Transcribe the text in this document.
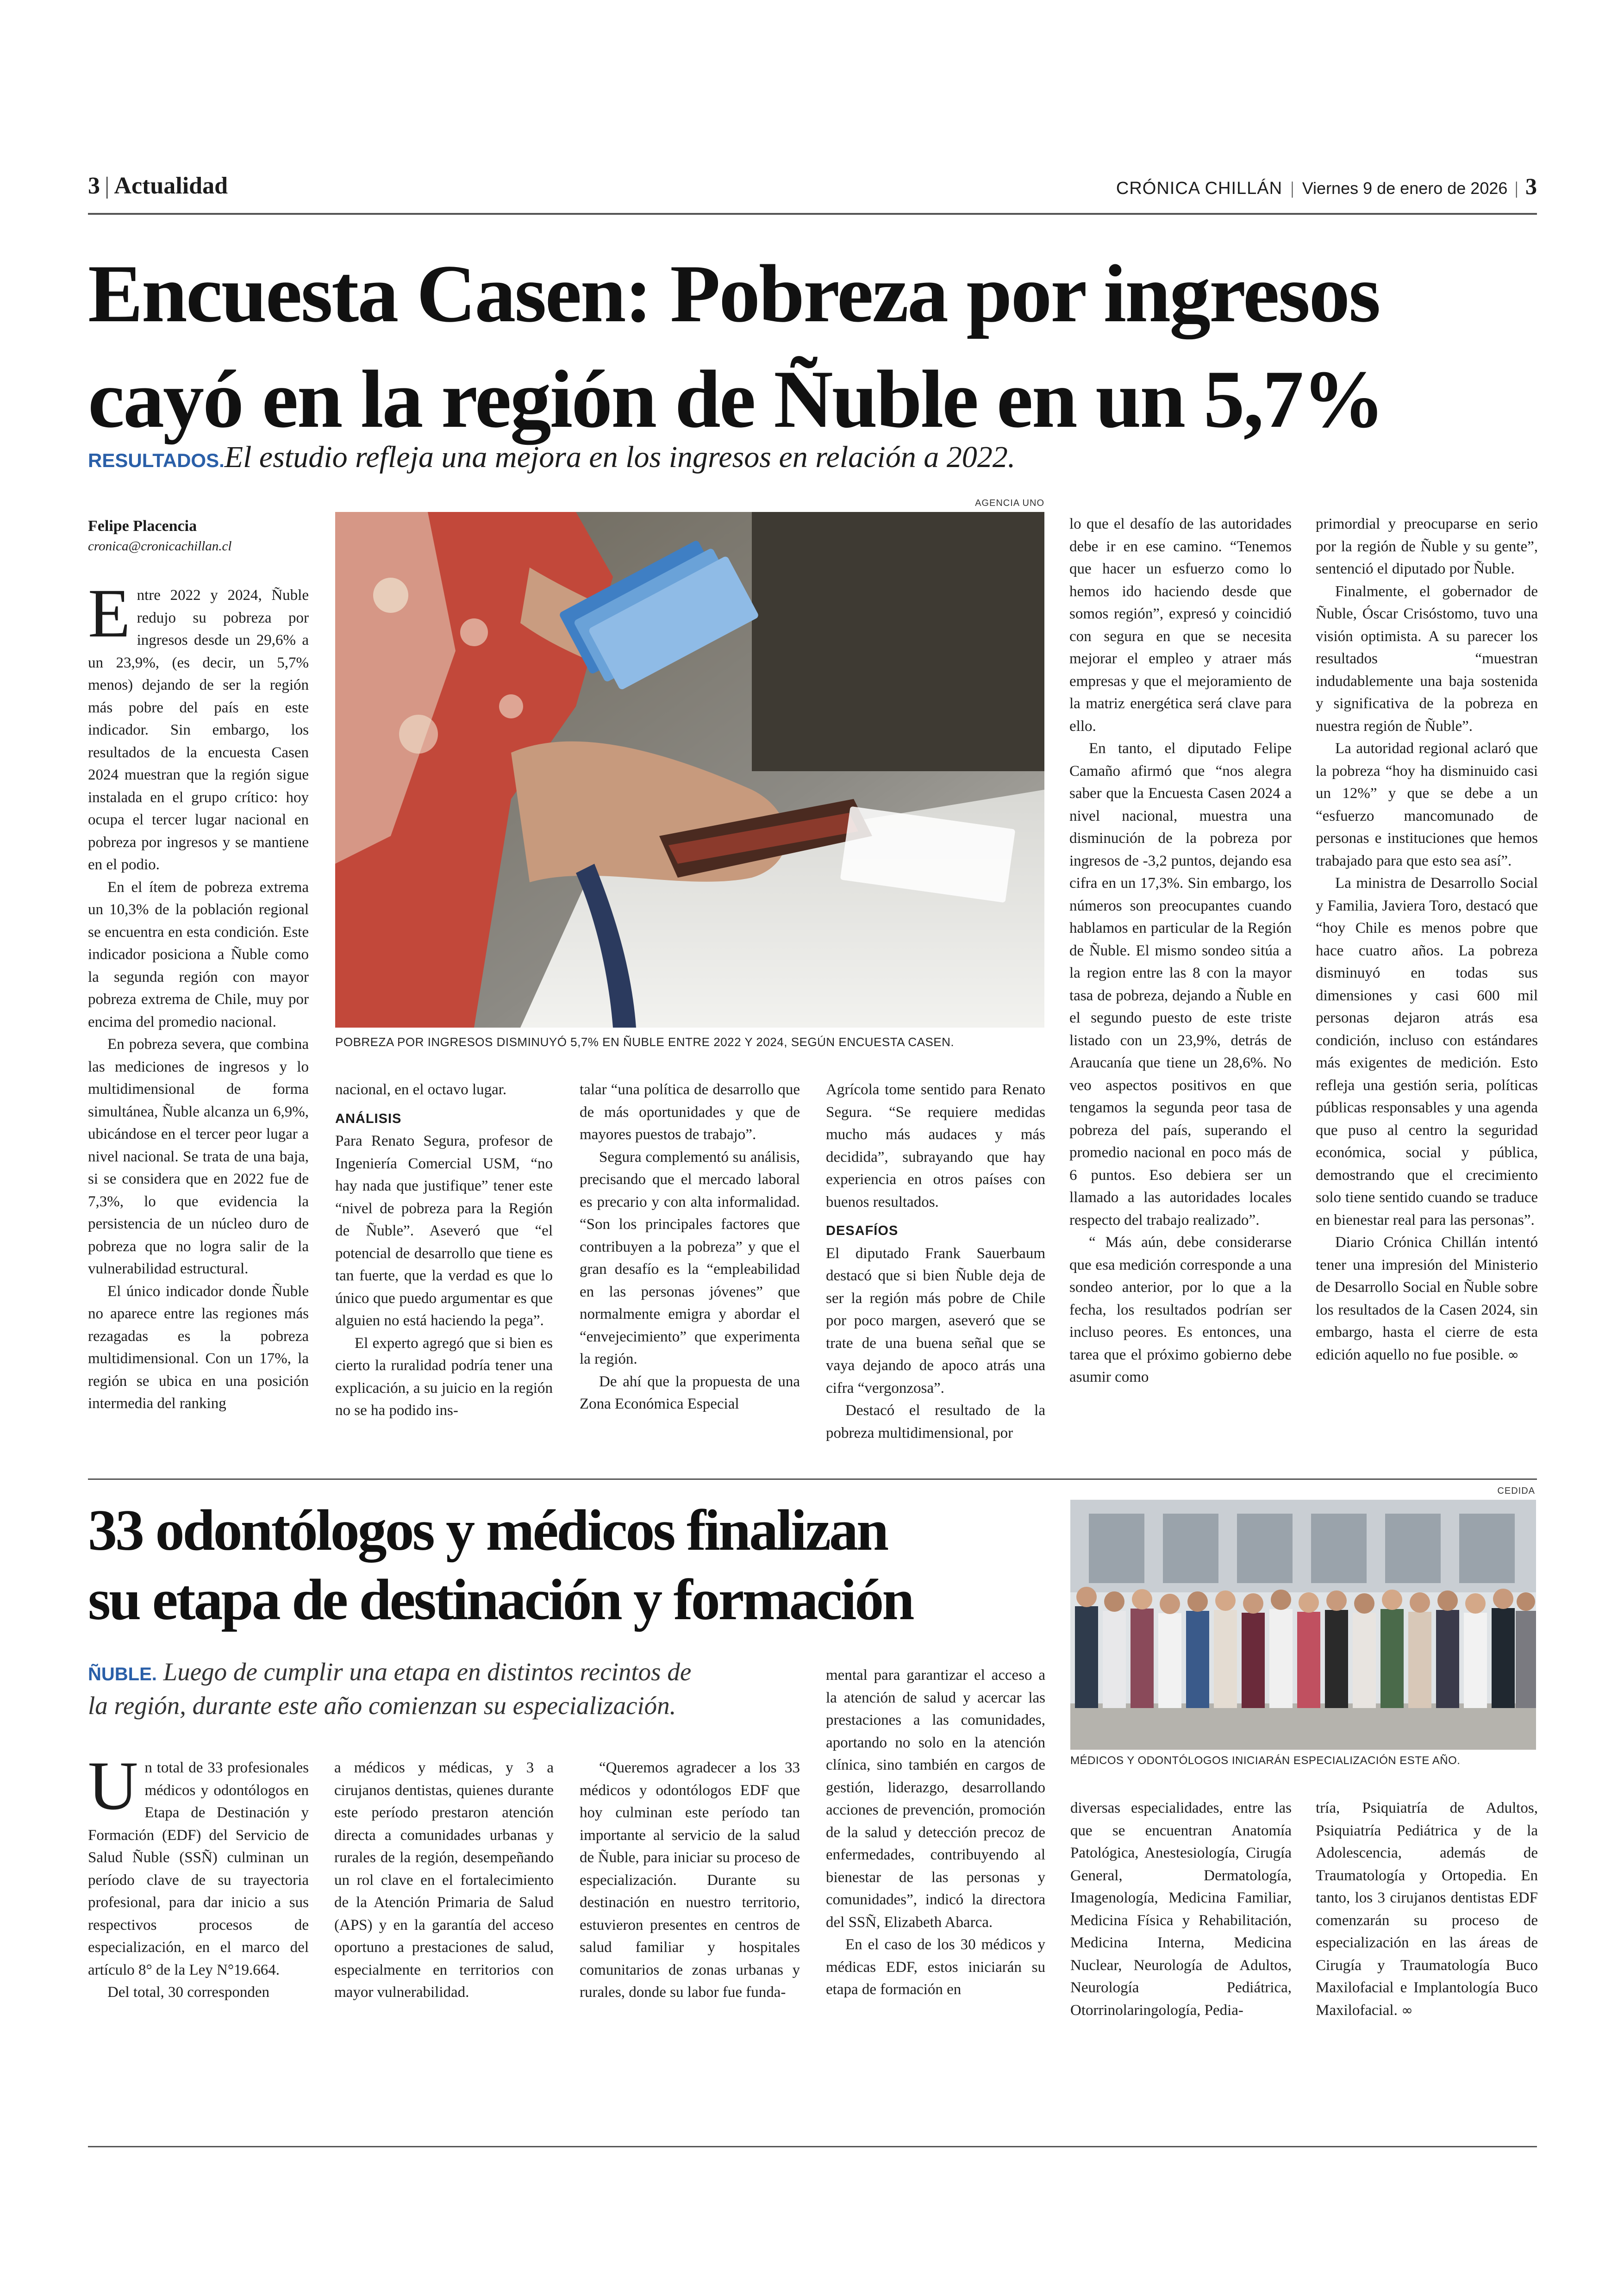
3 | Actualidad	CRÓNICA CHILLÁN | Viernes 9 de enero de 2026 | 3
Encuesta Casen: Pobreza por ingresos
cayó en la región de Ñuble en un 5,7%
RESULTADOS.El estudio refleja una mejora en los ingresos en relación a 2022.
Felipe Placencia
cronica@cronicachillan.cl
AGENCIA UNO
POBREZA POR INGRESOS DISMINUYÓ 5,7% EN ÑUBLE ENTRE 2022 Y 2024, SEGÚN ENCUESTA CASEN.

Entre 2022 y 2024, Ñuble redujo su pobreza por ingresos desde un 29,6% a un 23,9%, (es decir, un 5,7% menos) dejando de ser la región más pobre del país en este indicador. Sin embargo, los resultados de la encuesta Casen 2024 muestran que la región sigue instalada en el grupo crítico: hoy ocupa el tercer lugar nacional en pobreza por ingresos y se mantiene en el podio.

En el ítem de pobreza extrema un 10,3% de la población regional se encuentra en esta condición. Este indicador posiciona a Ñuble como la segunda región con mayor pobreza extrema de Chile, muy por encima del promedio nacional.

En pobreza severa, que combina las mediciones de ingresos y lo multidimensional de forma simultánea, Ñuble alcanza un 6,9%, ubicándose en el tercer peor lugar a nivel nacional. Se trata de una baja, si se considera que en 2022 fue de 7,3%, lo que evidencia la persistencia de un núcleo duro de pobreza que no logra salir de la vulnerabilidad estructural.

El único indicador donde Ñuble no aparece entre las regiones más rezagadas es la pobreza multidimensional. Con un 17%, la región se ubica en una posición intermedia del ranking

nacional, en el octavo lugar.

ANÁLISIS

Para Renato Segura, profesor de Ingeniería Comercial USM, “no hay nada que justifique” tener este “nivel de pobreza para la Región de Ñuble”. Aseveró que “el potencial de desarrollo que tiene es tan fuerte, que la verdad es que lo único que puedo argumentar es que alguien no está haciendo la pega”.

El experto agregó que si bien es cierto la ruralidad podría tener una explicación, a su juicio en la región no se ha podido ins-

talar “una política de desarrollo que de más oportunidades y que de mayores puestos de trabajo”.

Segura complementó su análisis, precisando que el mercado laboral es precario y con alta informalidad. “Son los principales factores que contribuyen a la pobreza” y que el gran desafío es la “empleabilidad en las personas jóvenes” que normalmente emigra y abordar el “envejecimiento” que experimenta la región.

De ahí que la propuesta de una Zona Económica Especial

Agrícola tome sentido para Renato Segura. “Se requiere medidas mucho más audaces y más decidida”, subrayando que hay experiencia en otros países con buenos resultados.

DESAFÍOS

El diputado Frank Sauerbaum destacó que si bien Ñuble deja de ser la región más pobre de Chile por poco margen, aseveró que se trate de una buena señal que se vaya dejando de apoco atrás una cifra “vergonzosa”.

Destacó el resultado de la pobreza multidimensional, por

lo que el desafío de las autoridades debe ir en ese camino. “Tenemos que hacer un esfuerzo como lo hemos ido haciendo desde que somos región”, expresó y coincidió con segura en que se necesita mejorar el empleo y atraer más empresas y que el mejoramiento de la matriz energética será clave para ello.

En tanto, el diputado Felipe Camaño afirmó que “nos alegra saber que la Encuesta Casen 2024 a nivel nacional, muestra una disminución de la pobreza por ingresos de -3,2 puntos, dejando esa cifra en un 17,3%. Sin embargo, los números son preocupantes cuando hablamos en particular de la Región de Ñuble. El mismo sondeo sitúa a la region entre las 8 con la mayor tasa de pobreza, dejando a Ñuble en el segundo puesto de este triste listado con un 23,9%, detrás de Araucanía que tiene un 28,6%. No veo aspectos positivos en que tengamos la segunda peor tasa de pobreza del país, superando el promedio nacional en poco más de 6 puntos. Eso debiera ser un llamado a las autoridades locales respecto del trabajo realizado”.

“ Más aún, debe considerarse que esa medición corresponde a una sondeo anterior, por lo que a la fecha, los resultados podrían ser incluso peores. Es entonces, una tarea que el próximo gobierno debe asumir como

primordial y preocuparse en serio por la región de Ñuble y su gente”, sentenció el diputado por Ñuble.

Finalmente, el gobernador de Ñuble, Óscar Crisóstomo, tuvo una visión optimista. A su parecer los resultados “muestran indudablemente una baja sostenida y significativa de la pobreza en nuestra región de Ñuble”.

La autoridad regional aclaró que la pobreza “hoy ha disminuido casi un 12%” y que se debe a un “esfuerzo mancomunado de personas e instituciones que hemos trabajado para que esto sea así”.

La ministra de Desarrollo Social y Familia, Javiera Toro, destacó que “hoy Chile es menos pobre que hace cuatro años. La pobreza disminuyó en todas sus dimensiones y casi 600 mil personas dejaron atrás esa condición, incluso con estándares más exigentes de medición. Esto refleja una gestión seria, políticas públicas responsables y una agenda que puso al centro la seguridad económica, social y pública, demostrando que el crecimiento solo tiene sentido cuando se traduce en bienestar real para las personas”.

Diario Crónica Chillán intentó tener una impresión del Ministerio de Desarrollo Social en Ñuble sobre los resultados de la Casen 2024, sin embargo, hasta el cierre de esta edición aquello no fue posible. ∞

33 odontólogos y médicos finalizan
su etapa de destinación y formación
ÑUBLE. Luego de cumplir una etapa en distintos recintos de
la región, durante este año comienzan su especialización.
CEDIDA
MÉDICOS Y ODONTÓLOGOS INICIARÁN ESPECIALIZACIÓN ESTE AÑO.

Un total de 33 profesionales médicos y odontólogos en Etapa de Destinación y Formación (EDF) del Servicio de Salud Ñuble (SSÑ) culminan un período clave de su trayectoria profesional, para dar inicio a sus respectivos procesos de especialización, en el marco del artículo 8° de la Ley N°19.664.

Del total, 30 corresponden

a médicos y médicas, y 3 a cirujanos dentistas, quienes durante este período prestaron atención directa a comunidades urbanas y rurales de la región, desempeñando un rol clave en el fortalecimiento de la Atención Primaria de Salud (APS) y en la garantía del acceso oportuno a prestaciones de salud, especialmente en territorios con mayor vulnerabilidad.

“Queremos agradecer a los 33 médicos y odontólogos EDF que hoy culminan este período tan importante al servicio de la salud de Ñuble, para iniciar su proceso de especialización. Durante su destinación en nuestro territorio, estuvieron presentes en centros de salud familiar y hospitales comunitarios de zonas urbanas y rurales, donde su labor fue funda-

mental para garantizar el acceso a la atención de salud y acercar las prestaciones a las comunidades, aportando no solo en la atención clínica, sino también en cargos de gestión, liderazgo, desarrollando acciones de prevención, promoción de la salud y detección precoz de enfermedades, contribuyendo al bienestar de las personas y comunidades”, indicó la directora del SSÑ, Elizabeth Abarca.

En el caso de los 30 médicos y médicas EDF, estos iniciarán su etapa de formación en

diversas especialidades, entre las que se encuentran Anatomía Patológica, Anestesiología, Cirugía General, Dermatología, Imagenología, Medicina Familiar, Medicina Física y Rehabilitación, Medicina Interna, Medicina Nuclear, Neurología de Adultos, Neurología Pediátrica, Otorrinolaringología, Pedia-

tría, Psiquiatría de Adultos, Psiquiatría Pediátrica y de la Adolescencia, además de Traumatología y Ortopedia. En tanto, los 3 cirujanos dentistas EDF comenzarán su proceso de especialización en las áreas de Cirugía y Traumatología Buco Maxilofacial e Implantología Buco Maxilofacial. ∞
